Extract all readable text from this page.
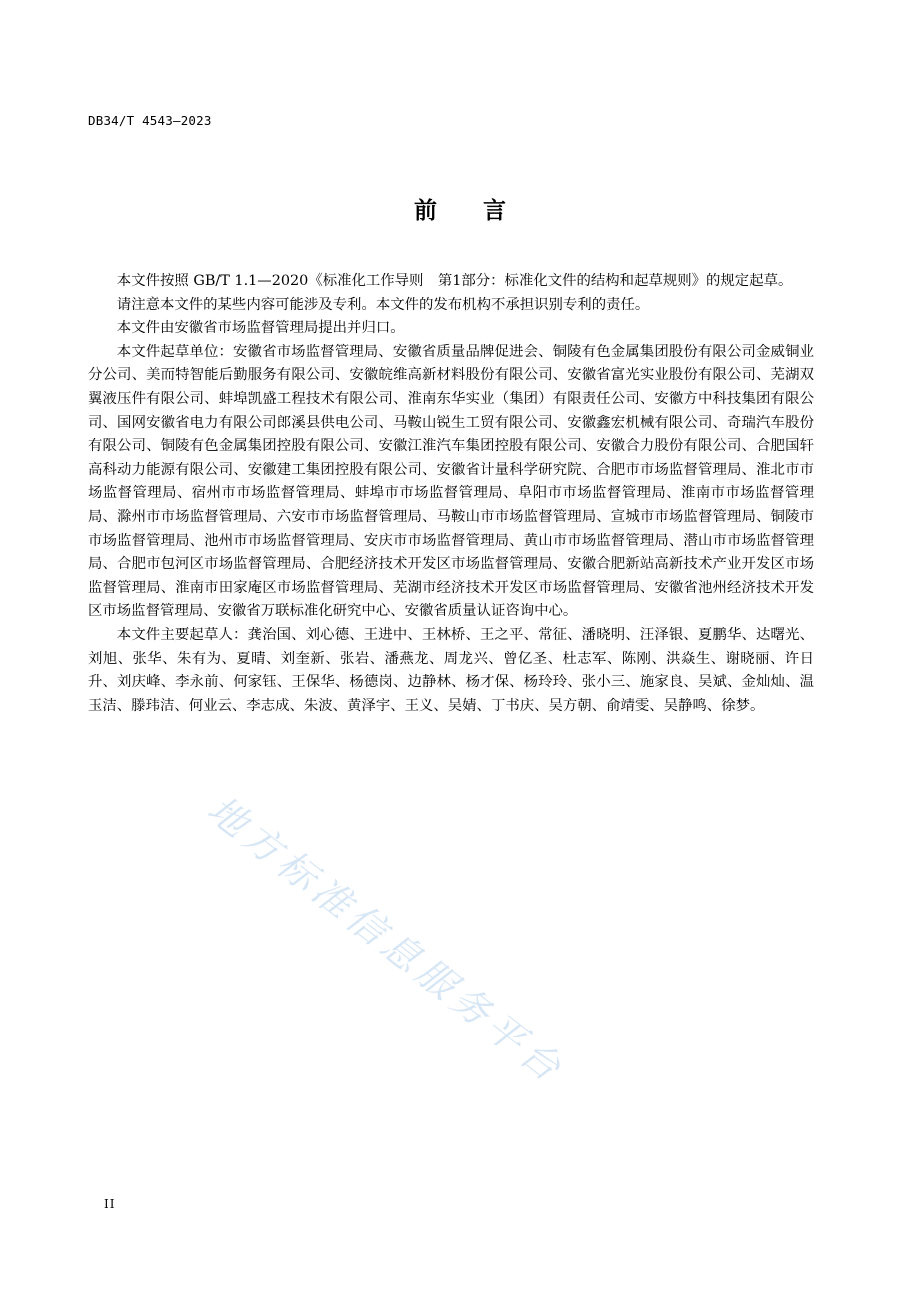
DB34/T 4543—2023
前言

本文件按照 GB/T 1.1—2020《标准化工作导则　第1部分：标准化文件的结构和起草规则》的规定起草。

请注意本文件的某些内容可能涉及专利。本文件的发布机构不承担识别专利的责任。

本文件由安徽省市场监督管理局提出并归口。

本文件起草单位：安徽省市场监督管理局、安徽省质量品牌促进会、铜陵有色金属集团股份有限公司金威铜业分公司、美而特智能后勤服务有限公司、安徽皖维高新材料股份有限公司、安徽省富光实业股份有限公司、芜湖双翼液压件有限公司、蚌埠凯盛工程技术有限公司、淮南东华实业（集团）有限责任公司、安徽方中科技集团有限公司、国网安徽省电力有限公司郎溪县供电公司、马鞍山锐生工贸有限公司、安徽鑫宏机械有限公司、奇瑞汽车股份有限公司、铜陵有色金属集团控股有限公司、安徽江淮汽车集团控股有限公司、安徽合力股份有限公司、合肥国轩高科动力能源有限公司、安徽建工集团控股有限公司、安徽省计量科学研究院、合肥市市场监督管理局、淮北市市场监督管理局、宿州市市场监督管理局、蚌埠市市场监督管理局、阜阳市市场监督管理局、淮南市市场监督管理局、滁州市市场监督管理局、六安市市场监督管理局、马鞍山市市场监督管理局、宣城市市场监督管理局、铜陵市市场监督管理局、池州市市场监督管理局、安庆市市场监督管理局、黄山市市场监督管理局、潜山市市场监督管理局、合肥市包河区市场监督管理局、合肥经济技术开发区市场监督管理局、安徽合肥新站高新技术产业开发区市场监督管理局、淮南市田家庵区市场监督管理局、芜湖市经济技术开发区市场监督管理局、安徽省池州经济技术开发区市场监督管理局、安徽省万联标准化研究中心、安徽省质量认证咨询中心。

本文件主要起草人：龚治国、刘心德、王进中、王林桥、王之平、常征、潘晓明、汪泽银、夏鹏华、达曙光、刘旭、张华、朱有为、夏晴、刘奎新、张岩、潘燕龙、周龙兴、曾亿圣、杜志军、陈刚、洪焱生、谢晓丽、许日升、刘庆峰、李永前、何家钰、王保华、杨德岗、边静林、杨才保、杨玲玲、张小三、施家良、吴斌、金灿灿、温玉洁、滕玮洁、何业云、李志成、朱波、黄泽宇、王义、吴婧、丁书庆、吴方朝、俞靖雯、吴静鸣、徐梦。

地方标准信息服务平台
II
